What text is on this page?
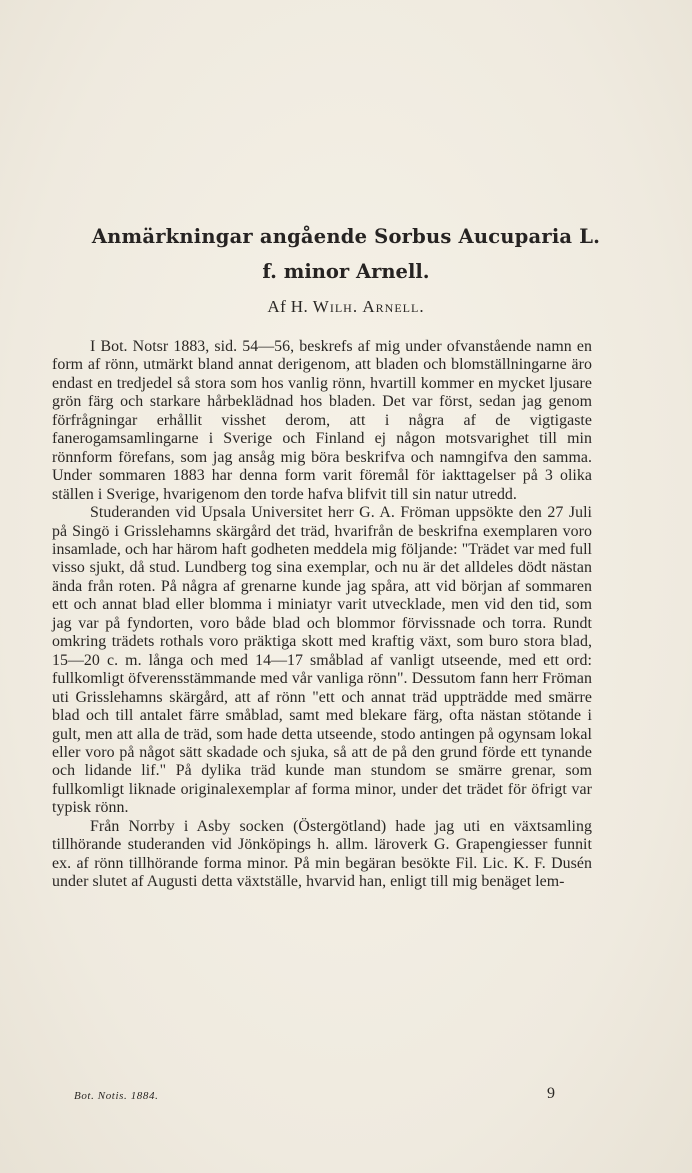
Anmärkningar angående Sorbus Aucuparia L.
f. minor Arnell.
Af H. Wilh. Arnell.

I Bot. Notsr 1883, sid. 54—56, beskrefs af mig under ofvanstående namn en form af rönn, utmärkt bland annat derigenom, att bladen och blomställningarne äro endast en tredjedel så stora som hos vanlig rönn, hvartill kommer en mycket ljusare grön färg och starkare hårbeklädnad hos bladen. Det var först, sedan jag genom förfrågningar erhållit visshet derom, att i några af de vigtigaste fanerogamsamlingarne i Sverige och Finland ej någon motsvarighet till min rönnform förefans, som jag ansåg mig böra beskrifva och namngifva den samma. Under sommaren 1883 har denna form varit föremål för iakttagelser på 3 olika ställen i Sverige, hvarigenom den torde hafva blifvit till sin natur utredd.

Studeranden vid Upsala Universitet herr G. A. Fröman uppsökte den 27 Juli på Singö i Grisslehamns skärgård det träd, hvarifrån de beskrifna exemplaren voro insamlade, och har härom haft godheten meddela mig följande: "Trädet var med full visso sjukt, då stud. Lundberg tog sina exemplar, och nu är det alldeles dödt nästan ända från roten. På några af grenarne kunde jag spåra, att vid början af sommaren ett och annat blad eller blomma i miniatyr varit utvecklade, men vid den tid, som jag var på fyndorten, voro både blad och blommor förvissnade och torra. Rundt omkring trädets rothals voro präktiga skott med kraftig växt, som buro stora blad, 15—20 c. m. långa och med 14—17 småblad af vanligt utseende, med ett ord: fullkomligt öfverensstämmande med vår vanliga rönn". Dessutom fann herr Fröman uti Grisslehamns skärgård, att af rönn "ett och annat träd uppträdde med smärre blad och till antalet färre småblad, samt med blekare färg, ofta nästan stötande i gult, men att alla de träd, som hade detta utseende, stodo antingen på ogynsam lokal eller voro på något sätt skadade och sjuka, så att de på den grund förde ett tynande och lidande lif." På dylika träd kunde man stundom se smärre grenar, som fullkomligt liknade originalexemplar af forma minor, under det trädet för öfrigt var typisk rönn.

Från Norrby i Asby socken (Östergötland) hade jag uti en växtsamling tillhörande studeranden vid Jönköpings h. allm. läroverk G. Grapengiesser funnit ex. af rönn tillhörande forma minor. På min begäran besökte Fil. Lic. K. F. Dusén under slutet af Augusti detta växtställe, hvarvid han, enligt till mig benäget lem-

Bot. Notis. 1884.	9
